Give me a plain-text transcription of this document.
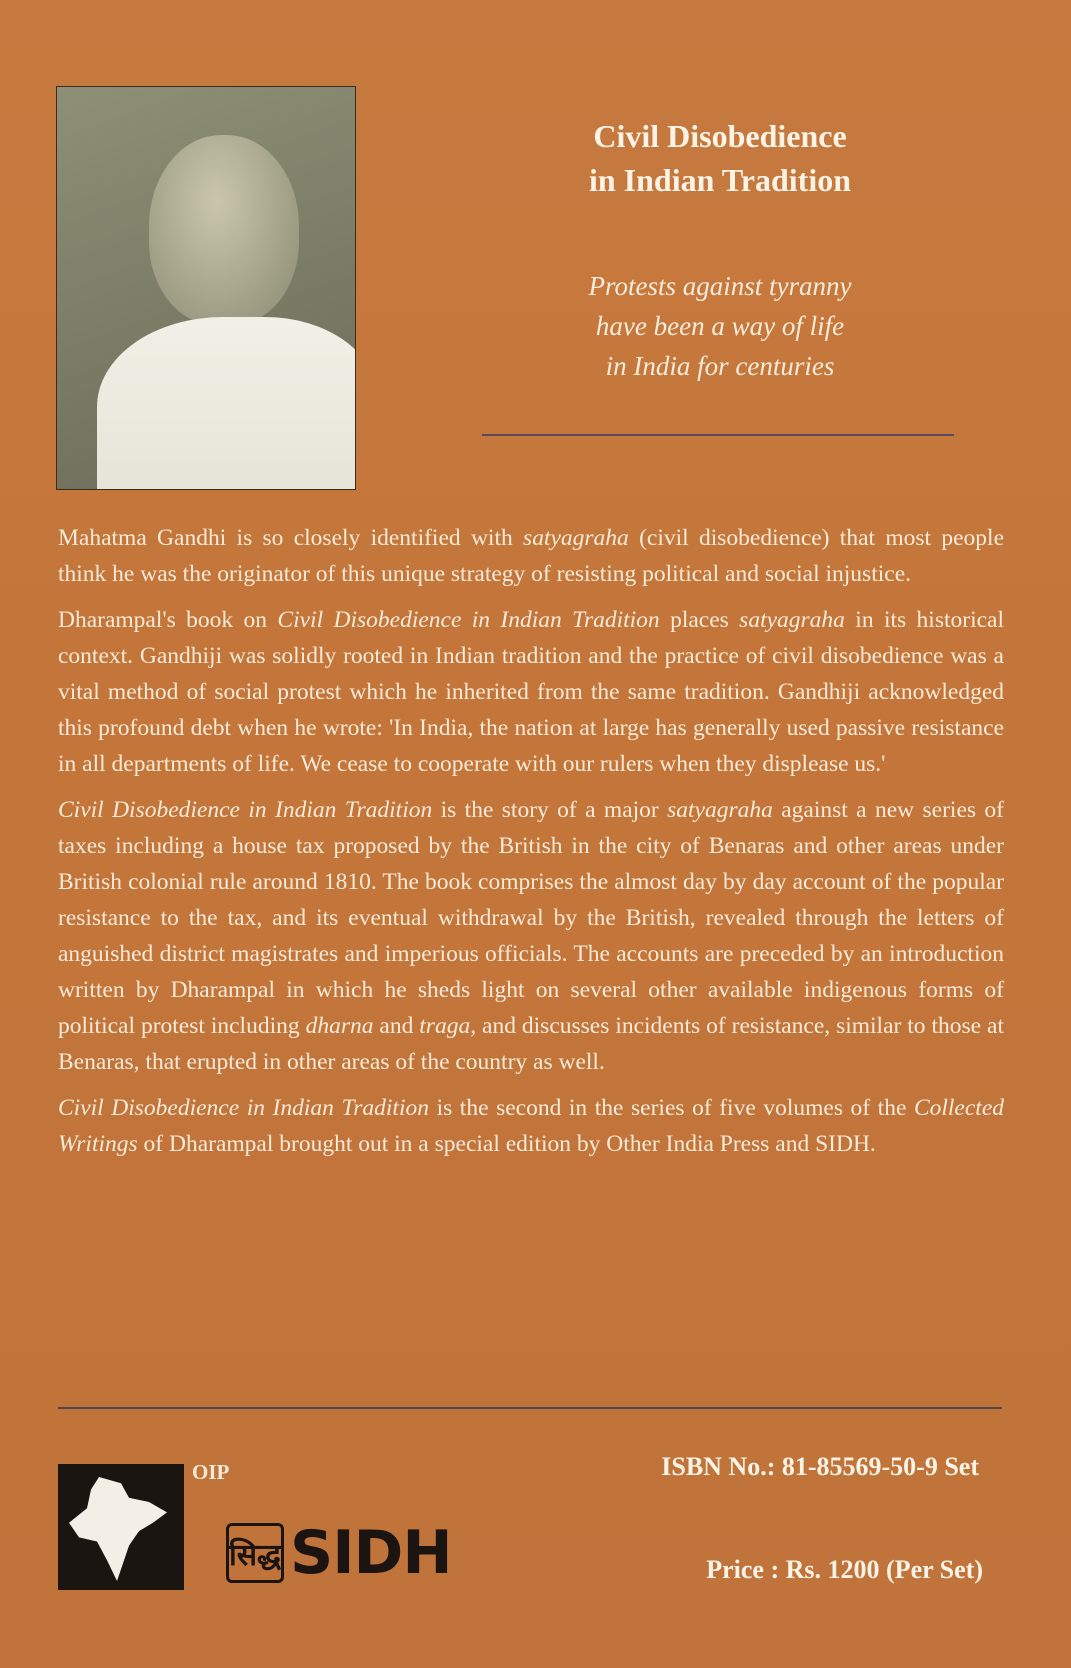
Civil Disobedience
in Indian Tradition
Protests against tyranny
have been a way of life
in India for centuries

Mahatma Gandhi is so closely identified with satyagraha (civil disobedience) that most people think he was the originator of this unique strategy of resisting political and social injustice.

Dharampal's book on Civil Disobedience in Indian Tradition places satyagraha in its historical context. Gandhiji was solidly rooted in Indian tradition and the practice of civil disobedience was a vital method of social protest which he inherited from the same tradition. Gandhiji acknowledged this profound debt when he wrote: 'In India, the nation at large has generally used passive resistance in all departments of life. We cease to cooperate with our rulers when they displease us.'

Civil Disobedience in Indian Tradition is the story of a major satyagraha against a new series of taxes including a house tax proposed by the British in the city of Benaras and other areas under British colonial rule around 1810. The book comprises the almost day by day account of the popular resistance to the tax, and its eventual withdrawal by the British, revealed through the letters of anguished district magistrates and imperious officials. The accounts are preceded by an introduction written by Dharampal in which he sheds light on several other available indigenous forms of political protest including dharna and traga, and discusses incidents of resistance, similar to those at Benaras, that erupted in other areas of the country as well.

Civil Disobedience in Indian Tradition is the second in the series of five volumes of the Collected Writings of Dharampal brought out in a special edition by Other India Press and SIDH.

OIP
सिद्ध SIDH
ISBN No.: 81-85569-50-9 Set
Price : Rs. 1200 (Per Set)
